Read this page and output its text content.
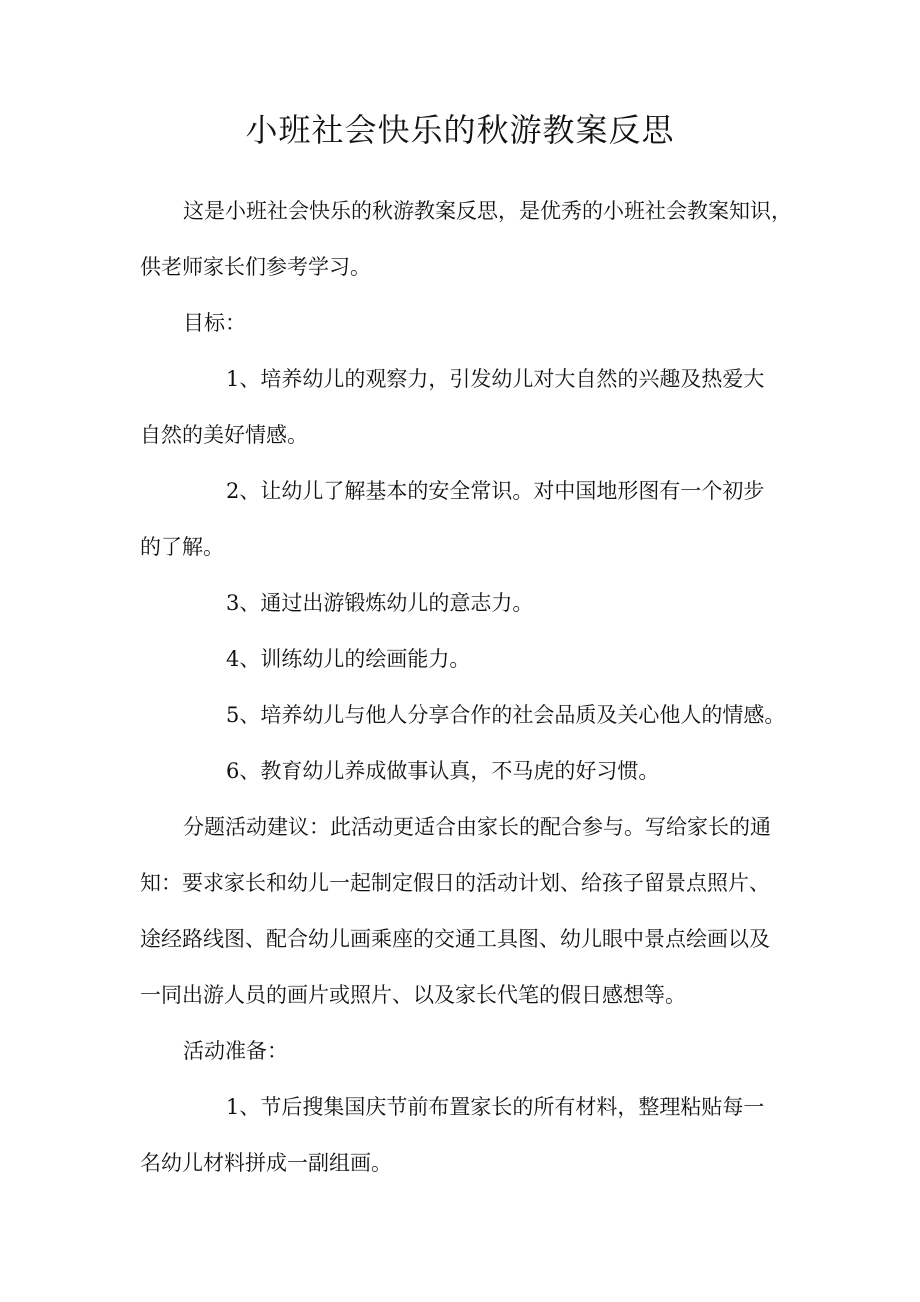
小班社会快乐的秋游教案反思

这是小班社会快乐的秋游教案反思，是优秀的小班社会教案知识，

供老师家长们参考学习。

目标：

1、培养幼儿的观察力，引发幼儿对大自然的兴趣及热爱大

自然的美好情感。

2、让幼儿了解基本的安全常识。对中国地形图有一个初步

的了解。

3、通过出游锻炼幼儿的意志力。

4、训练幼儿的绘画能力。

5、培养幼儿与他人分享合作的社会品质及关心他人的情感。

6、教育幼儿养成做事认真，不马虎的好习惯。

分题活动建议：此活动更适合由家长的配合参与。写给家长的通

知：要求家长和幼儿一起制定假日的活动计划、给孩子留景点照片、

途经路线图、配合幼儿画乘座的交通工具图、幼儿眼中景点绘画以及

一同出游人员的画片或照片、以及家长代笔的假日感想等。

活动准备：

1、节后搜集国庆节前布置家长的所有材料，整理粘贴每一

名幼儿材料拼成一副组画。
